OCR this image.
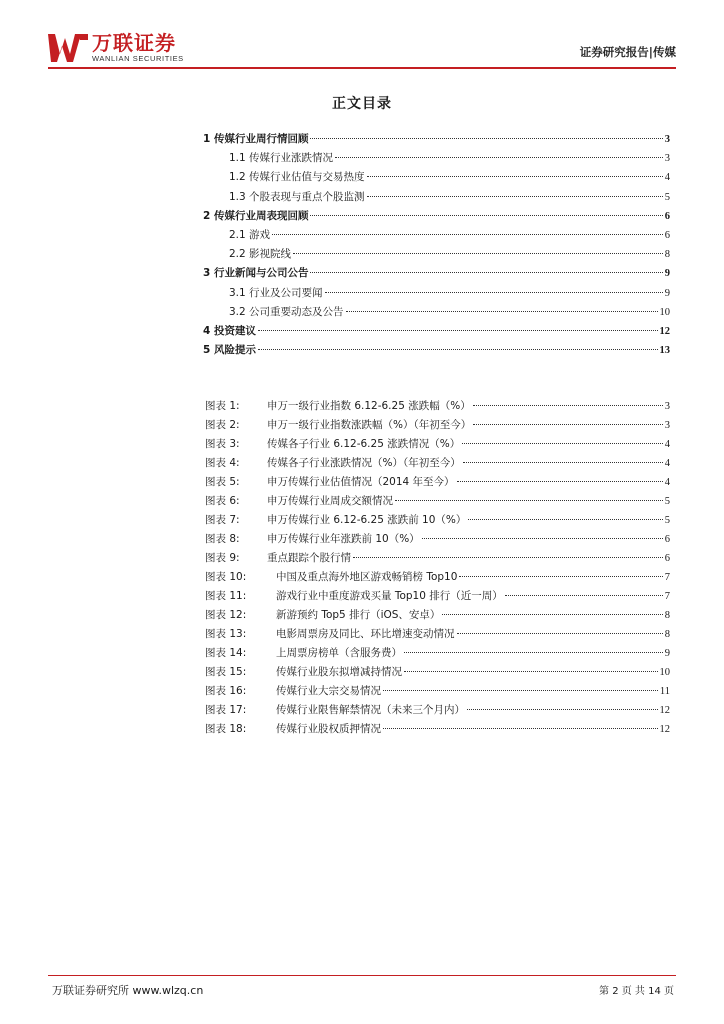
万联证券
WANLIAN SECURITIES	证券研究报告|传媒
正文目录
1 传媒行业周行情回顾	3
1.1 传媒行业涨跌情况	3
1.2 传媒行业估值与交易热度	4
1.3 个股表现与重点个股监测	5
2 传媒行业周表现回顾	6
2.1 游戏	6
2.2 影视院线	8
3 行业新闻与公司公告	9
3.1 行业及公司要闻	9
3.2 公司重要动态及公告	10
4 投资建议	12
5 风险提示	13
图表 1:	申万一级行业指数 6.12-6.25 涨跌幅（%）	3
图表 2:	申万一级行业指数涨跌幅（%）（年初至今）	3
图表 3:	传媒各子行业 6.12-6.25 涨跌情况（%）	4
图表 4:	传媒各子行业涨跌情况（%）（年初至今）	4
图表 5:	申万传媒行业估值情况（2014 年至今）	4
图表 6:	申万传媒行业周成交额情况	5
图表 7:	申万传媒行业 6.12-6.25 涨跌前 10（%）	5
图表 8:	申万传媒行业年涨跌前 10（%）	6
图表 9:	重点跟踪个股行情	6
图表 10:	中国及重点海外地区游戏畅销榜 Top10	7
图表 11:	游戏行业中重度游戏买量 Top10 排行（近一周）	7
图表 12:	新游预约 Top5 排行（iOS、安卓）	8
图表 13:	电影周票房及同比、环比增速变动情况	8
图表 14:	上周票房榜单（含服务费）	9
图表 15:	传媒行业股东拟增减持情况	10
图表 16:	传媒行业大宗交易情况	11
图表 17:	传媒行业限售解禁情况（未来三个月内）	12
图表 18:	传媒行业股权质押情况	12
万联证券研究所 www.wlzq.cn	第 2 页 共 14 页
